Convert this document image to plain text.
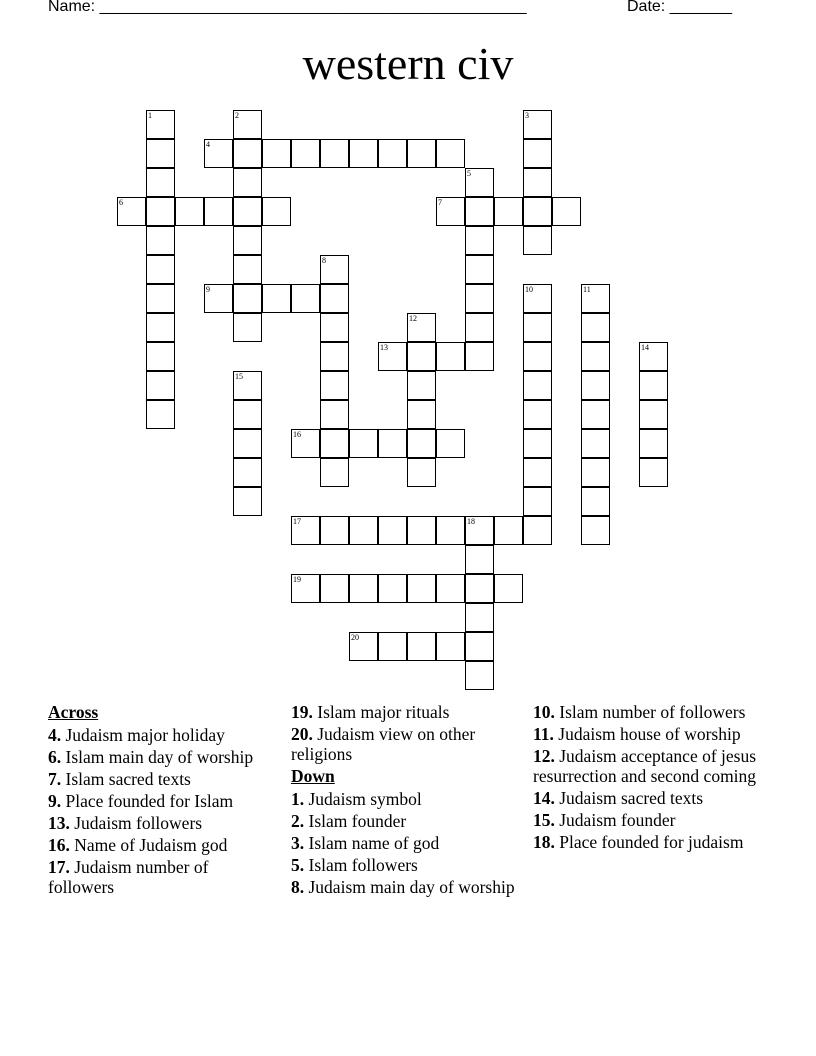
Name: ________________________________________________	Date: _______
western civ
1	2	3
4
5
6	7
8
9	10	11
12
13	14
15
16
17	18
19
20
Across
4. Judaism major holiday
6. Islam main day of worship
7. Islam sacred texts
9. Place founded for Islam
13. Judaism followers
16. Name of Judaism god
17. Judaism number of followers
19. Islam major rituals
20. Judaism view on other religions
Down
1. Judaism symbol
2. Islam founder
3. Islam name of god
5. Islam followers
8. Judaism main day of worship
10. Islam number of followers
11. Judaism house of worship
12. Judaism acceptance of jesus resurrection and second coming
14. Judaism sacred texts
15. Judaism founder
18. Place founded for judaism
